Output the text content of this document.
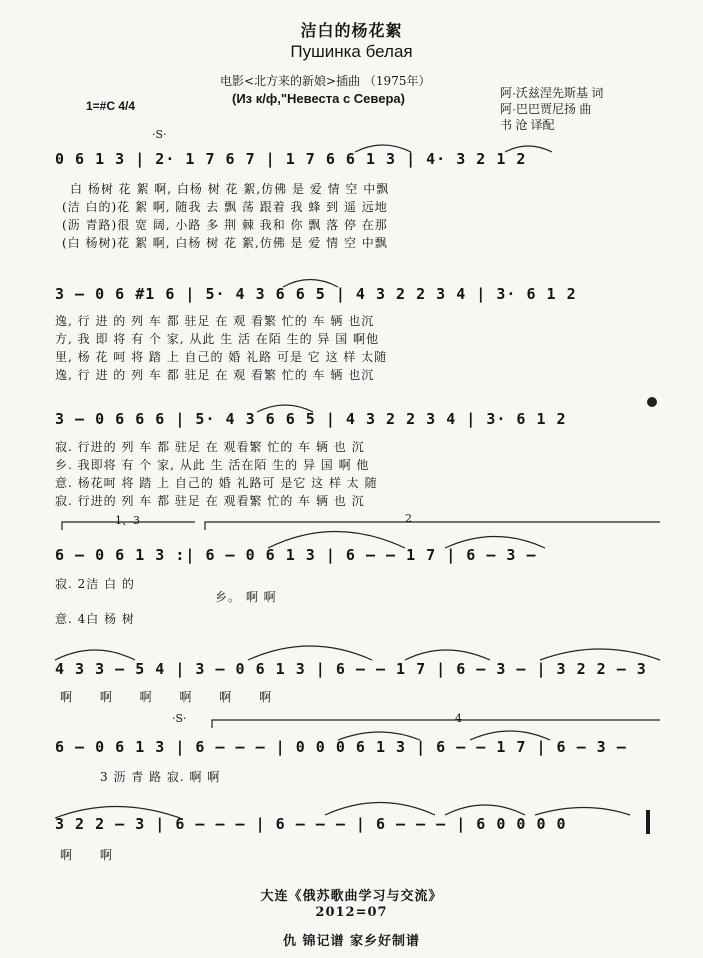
洁白的杨花絮
Пушинка белая
电影<北方来的新娘>插曲 （1975年）
(Из к/ф,"Невеста с Севера)
1=#C 4/4
阿·沃兹涅先斯基 词
阿·巴巴贾尼扬 曲
书 沧 译配
·S·
0 6 1 3 | 2· 1 7 6 7 | 1 7 6 6 1 3 | 4· 3 2 1 2
白 杨树 花 絮 啊, 白杨 树 花 絮,仿佛 是 爱 情 空 中飘
(洁 白的)花 絮 啊, 随我 去 飘 荡 跟着 我 蜂 到 遥 远地
(沥 青路)很 宽 阔, 小路 多 荆 棘 我和 你 飘 落 停 在那
(白 杨树)花 絮 啊, 白杨 树 花 絮,仿佛 是 爱 情 空 中飘
3 — 0 6 #1 6 | 5· 4 3 6 6 5 | 4 3 2 2 3 4 | 3· 6 1 2
逸, 行 进 的 列 车 都 驻足 在 观 看繁 忙的 车 辆 也沉
方, 我 即 将 有 个 家, 从此 生 活 在陌 生的 异 国 啊他
里, 杨 花 呵 将 踏 上 自己的 婚 礼路 可是 它 这 样 太随
逸, 行 进 的 列 车 都 驻足 在 观 看繁 忙的 车 辆 也沉
3 — 0 6 6 6 | 5· 4 3 6 6 5 | 4 3 2 2 3 4 | 3· 6 1 2
寂. 行进的 列 车 都 驻足 在 观看繁 忙的 车 辆 也 沉
乡. 我即将 有 个 家, 从此 生 活在陌 生的 异 国 啊 他
意. 杨花呵 将 踏 上 自己的 婚 礼路可 是它 这 样 太 随
寂. 行进的 列 车 都 驻足 在 观看繁 忙的 车 辆 也 沉
1、3	2
6 — 0 6 1 3 :| 6 — 0 6 1 3 | 6 — — 1 7 | 6 — 3 —
寂. 2洁 白 的
乡。 啊 啊
意. 4白 杨 树
4 3 3 — 5 4 | 3 — 0 6 1 3 | 6 — — 1 7 | 6 — 3 — | 3 2 2 — 3
啊 啊 啊 啊 啊 啊
·S·	4
6 — 0 6 1 3 | 6 — — — | 0 0 0 6 1 3 | 6 — — 1 7 | 6 — 3 —
3 沥 青 路 寂. 啊 啊
3 2 2 — 3 | 6 — — — | 6 — — — | 6 — — — | 6 0 0 0 0
啊 啊
大连《俄苏歌曲学习与交流》
2012=07
仇 锦记谱 家乡好制谱
